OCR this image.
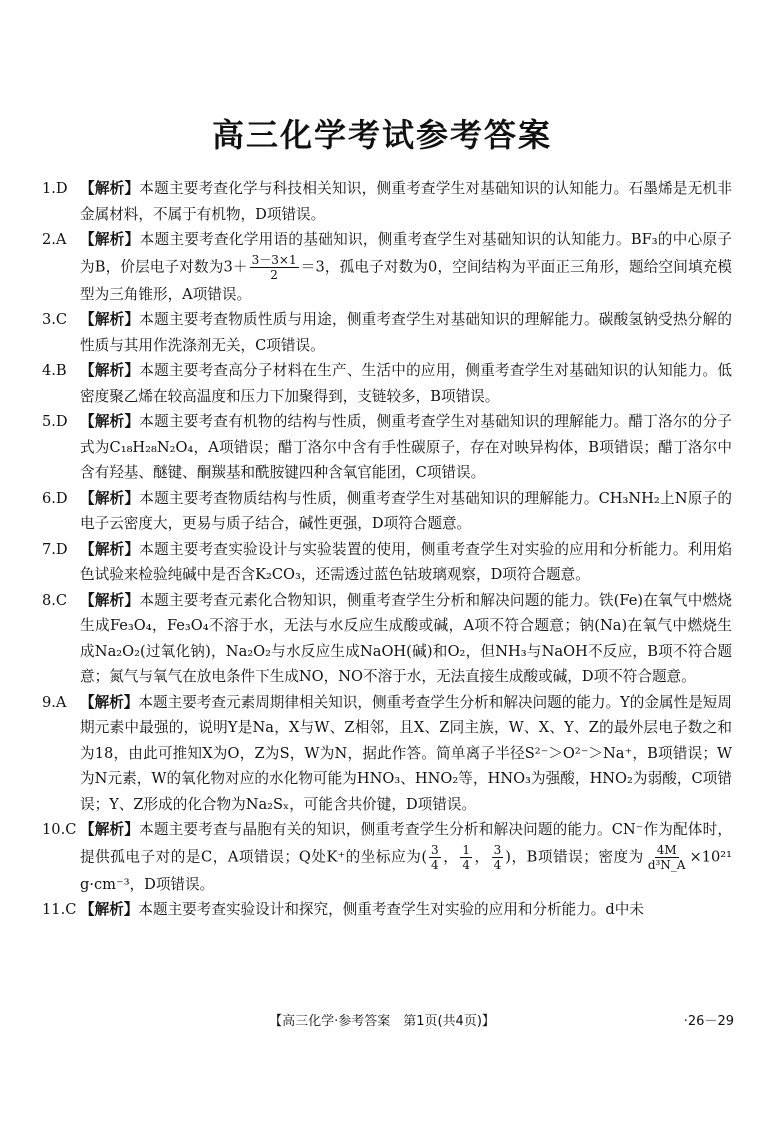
高三化学考试参考答案
1.D 【解析】本题主要考查化学与科技相关知识，侧重考查学生对基础知识的认知能力。石墨烯是无机非金属材料，不属于有机物，D项错误。

2.A 【解析】本题主要考查化学用语的基础知识，侧重考查学生对基础知识的认知能力。BF₃的中心原子为B，价层电子对数为$3+ \frac{3-3\times 1}{2} =3$，孤电子对数为0，空间结构为平面正三角形，题给空间填充模型为三角锥形，A项错误。

3.C 【解析】本题主要考查物质性质与用途，侧重考查学生对基础知识的理解能力。碳酸氢钠受热分解的性质与其用作洗涤剂无关，C项错误。

4.B 【解析】本题主要考查高分子材料在生产、生活中的应用，侧重考查学生对基础知识的认知能力。低密度聚乙烯在较高温度和压力下加聚得到，支链较多，B项错误。

5.D 【解析】本题主要考查有机物的结构与性质，侧重考查学生对基础知识的理解能力。醋丁洛尔的分子式为C₁₈H₂₈N₂O₄，A项错误；醋丁洛尔中含有手性碳原子，存在对映异构体，B项错误；醋丁洛尔中含有羟基、醚键、酮羰基和酰胺键四种含氧官能团，C项错误。

6.D 【解析】本题主要考查物质结构与性质，侧重考查学生对基础知识的理解能力。CH₃NH₂上N原子的电子云密度大，更易与质子结合，碱性更强，D项符合题意。

7.D 【解析】本题主要考查实验设计与实验装置的使用，侧重考查学生对实验的应用和分析能力。利用焰色试验来检验纯碱中是否含K₂CO₃，还需透过蓝色钴玻璃观察，D项符合题意。

8.C 【解析】本题主要考查元素化合物知识，侧重考查学生分析和解决问题的能力。铁(Fe)在氧气中燃烧生成Fe₃O₄，Fe₃O₄不溶于水，无法与水反应生成酸或碱，A项不符合题意；钠(Na)在氧气中燃烧生成Na₂O₂(过氧化钠)，Na₂O₂与水反应生成NaOH(碱)和O₂，但NH₃与NaOH不反应，B项不符合题意；氮气与氧气在放电条件下生成NO，NO不溶于水，无法直接生成酸或碱，D项不符合题意。

9.A 【解析】本题主要考查元素周期律相关知识，侧重考查学生分析和解决问题的能力。Y的金属性是短周期元素中最强的，说明Y是Na，X与W、Z相邻，且X、Z同主族，W、X、Y、Z的最外层电子数之和为18，由此可推知X为O，Z为S，W为N，据此作答。简单离子半径S²⁻＞O²⁻＞Na⁺，B项错误；W为N元素，W的氧化物对应的水化物可能为HNO₃、HNO₂等，HNO₃为强酸，HNO₂为弱酸，C项错误；Y、Z形成的化合物为Na₂Sₓ，可能含共价键，D项错误。

10.C 【解析】本题主要考查与晶胞有关的知识，侧重考查学生分析和解决问题的能力。CN⁻作为配体时，提供孤电子对的是C，A项错误；Q处K⁺的坐标应为( $\frac{3}{4}$ ， $\frac{1}{4}$ ， $\frac{3}{4}$ )，B项错误；密度为 $\frac{4M}{\text{d³N\_A}} \times 10^{21}$ g·cm⁻³，D项错误。

11.C 【解析】本题主要考查实验设计和探究，侧重考查学生对实验的应用和分析能力。d中未

【高三化学·参考答案　第1页(共4页)】	·26－29
